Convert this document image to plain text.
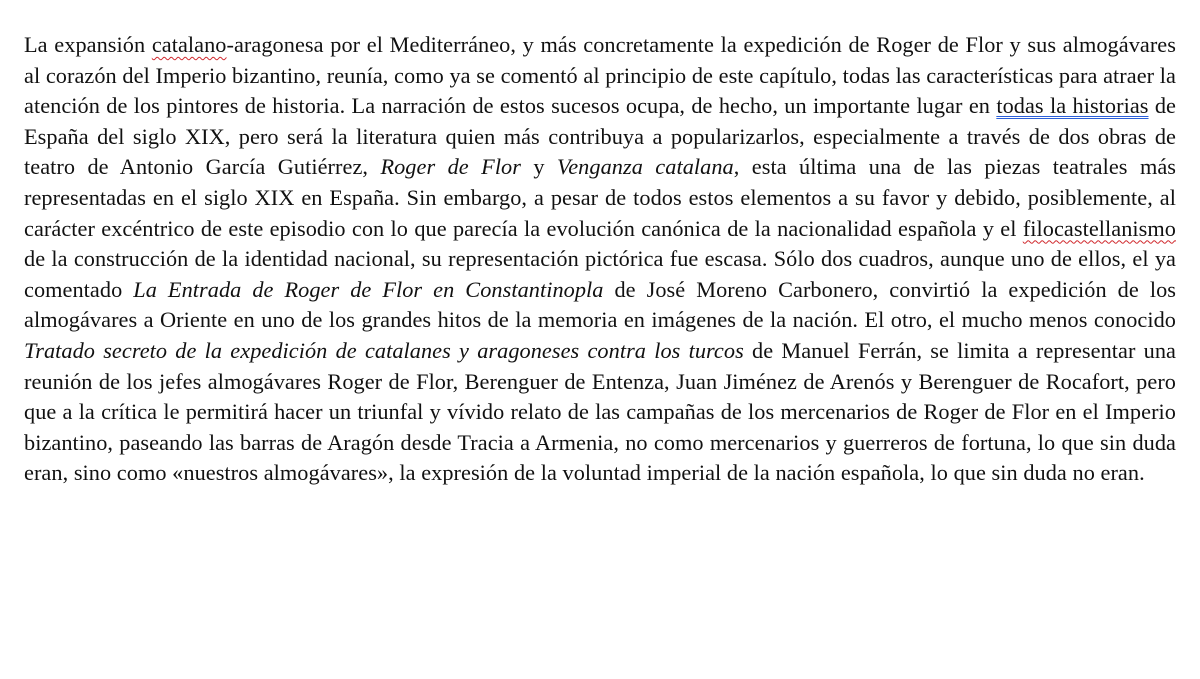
La expansión catalano-aragonesa por el Mediterráneo, y más concretamente la expedición de Roger de Flor y sus almogávares al corazón del Imperio bizantino, reunía, como ya se comentó al principio de este capítulo, todas las características para atraer la atención de los pintores de historia. La narración de estos sucesos ocupa, de hecho, un importante lugar en todas la historias de España del siglo XIX, pero será la literatura quien más contribuya a popularizarlos, especialmente a través de dos obras de teatro de Antonio García Gutiérrez, Roger de Flor y Venganza catalana, esta última una de las piezas teatrales más representadas en el siglo XIX en España. Sin embargo, a pesar de todos estos elementos a su favor y debido, posiblemente, al carácter excéntrico de este episodio con lo que parecía la evolución canónica de la nacionalidad española y el filocastellanismo de la construcción de la identidad nacional, su representación pictórica fue escasa. Sólo dos cuadros, aunque uno de ellos, el ya comentado La Entrada de Roger de Flor en Constantinopla de José Moreno Carbonero, convirtió la expedición de los almogávares a Oriente en uno de los grandes hitos de la memoria en imágenes de la nación. El otro, el mucho menos conocido Tratado secreto de la expedición de catalanes y aragoneses contra los turcos de Manuel Ferrán, se limita a representar una reunión de los jefes almogávares Roger de Flor, Berenguer de Entenza, Juan Jiménez de Arenós y Berenguer de Rocafort, pero que a la crítica le permitirá hacer un triunfal y vívido relato de las campañas de los mercenarios de Roger de Flor en el Imperio bizantino, paseando las barras de Aragón desde Tracia a Armenia, no como mercenarios y guerreros de fortuna, lo que sin duda eran, sino como «nuestros almogávares», la expresión de la voluntad imperial de la nación española, lo que sin duda no eran.
